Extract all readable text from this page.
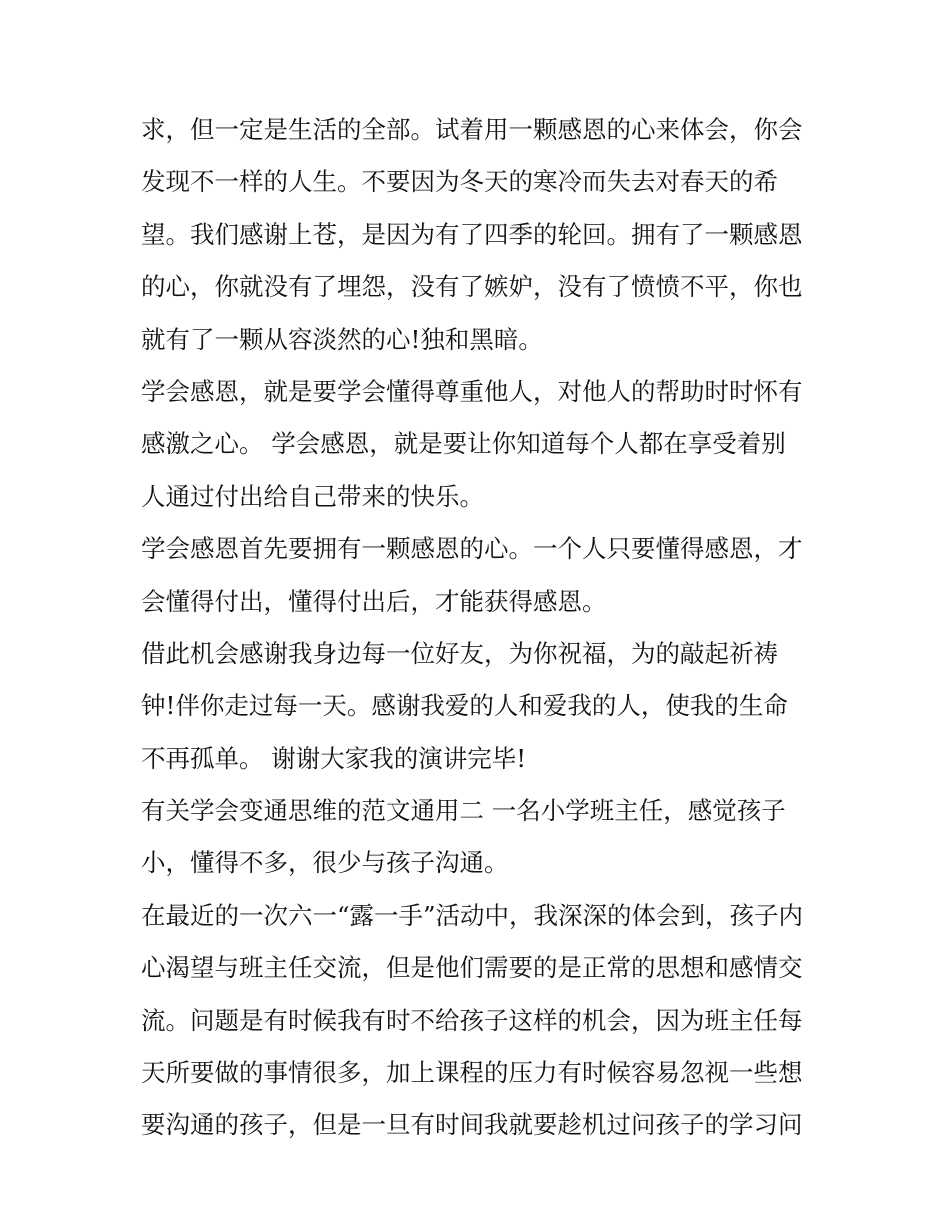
求，但一定是生活的全部。试着用一颗感恩的心来体会，你会
发现不一样的人生。不要因为冬天的寒冷而失去对春天的希
望。我们感谢上苍，是因为有了四季的轮回。拥有了一颗感恩
的心，你就没有了埋怨，没有了嫉妒，没有了愤愤不平，你也
就有了一颗从容淡然的心!独和黑暗。
学会感恩，就是要学会懂得尊重他人，对他人的帮助时时怀有
感激之心。 学会感恩，就是要让你知道每个人都在享受着别
人通过付出给自己带来的快乐。
学会感恩首先要拥有一颗感恩的心。一个人只要懂得感恩，才
会懂得付出，懂得付出后，才能获得感恩。
借此机会感谢我身边每一位好友，为你祝福，为的敲起祈祷
钟!伴你走过每一天。感谢我爱的人和爱我的人，使我的生命
不再孤单。 谢谢大家我的演讲完毕!
有关学会变通思维的范文通用二 一名小学班主任，感觉孩子
小，懂得不多，很少与孩子沟通。
在最近的一次六一“露一手”活动中，我深深的体会到，孩子内
心渴望与班主任交流，但是他们需要的是正常的思想和感情交
流。问题是有时候我有时不给孩子这样的机会，因为班主任每
天所要做的事情很多，加上课程的压力有时候容易忽视一些想
要沟通的孩子，但是一旦有时间我就要趁机过问孩子的学习问
